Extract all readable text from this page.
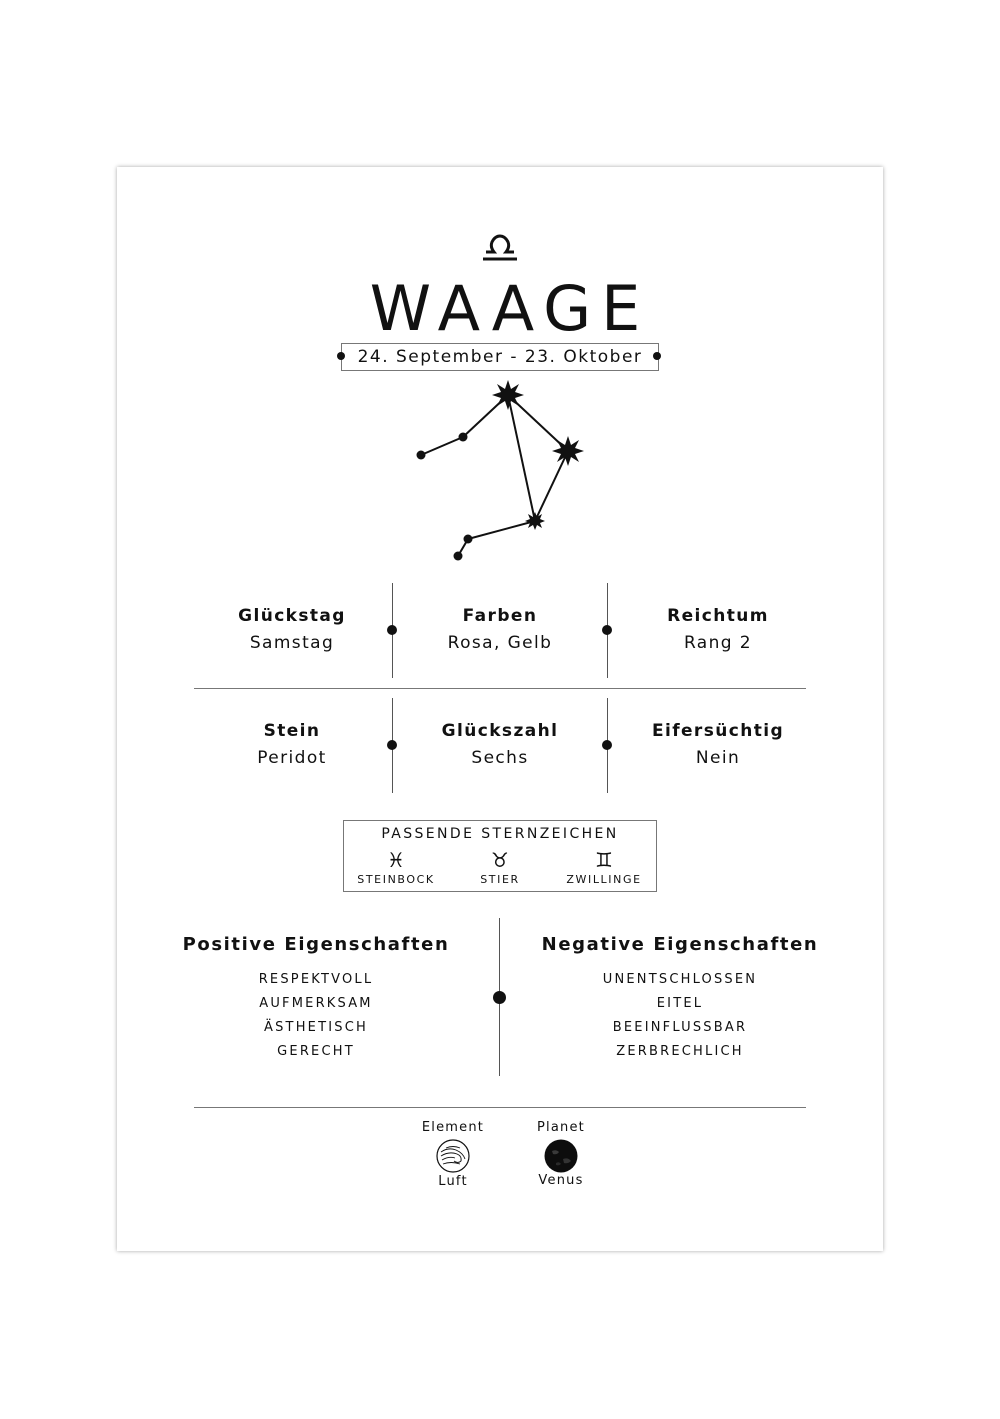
WAAGE
24. September - 23. Oktober
Glückstag
Samstag
Farben
Rosa, Gelb
Reichtum
Rang 2
Stein
Peridot
Glückszahl
Sechs
Eifersüchtig
Nein
PASSENDE STERNZEICHEN
♓
STEINBOCK
♉
STIER
♊
ZWILLINGE
Positive Eigenschaften
RESPEKTVOLL
AUFMERKSAM
ÄSTHETISCH
GERECHT
Negative Eigenschaften
UNENTSCHLOSSEN
EITEL
BEEINFLUSSBAR
ZERBRECHLICH
Element
Luft
Planet
Venus
